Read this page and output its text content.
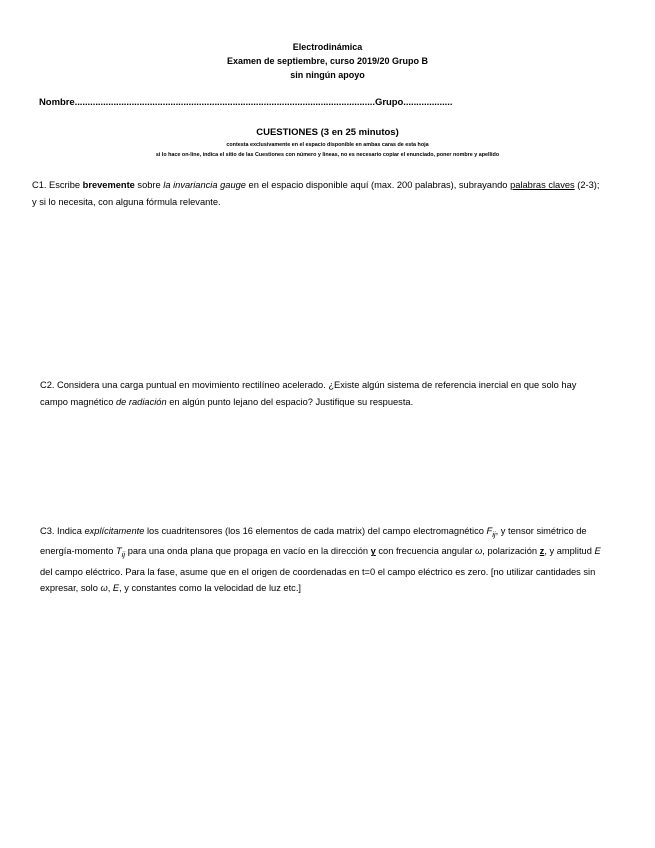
Electrodinámica
Examen de septiembre, curso 2019/20 Grupo B
sin ningún apoyo
Nombre....................................................................................................................Grupo...................
CUESTIONES (3 en 25 minutos)
contesta exclusivamente en el espacio disponible en ambas caras de esta hoja
si lo hace on-line, indica el sitio de las Cuestiones con número y lineas, no es necesario copiar el enunciado, poner nombre y apellido
C1. Escribe brevemente sobre la invariancia gauge en el espacio disponible aquí (max. 200 palabras), subrayando palabras claves (2-3); y si lo necesita, con alguna fórmula relevante.
C2. Considera una carga puntual en movimiento rectilíneo acelerado. ¿Existe algún sistema de referencia inercial en que solo hay campo magnético de radiación en algún punto lejano del espacio? Justifique su respuesta.
C3. Indica explícitamente los cuadritensores (los 16 elementos de cada matrix) del campo electromagnético $F_{ij}$, y tensor simétrico de energía-momento $T_{ij}$ para una onda plana que propaga en vacío en la dirección y con frecuencia angular ω, polarización z, y amplitud E del campo eléctrico. Para la fase, asume que en el origen de coordenadas en t=0 el campo eléctrico es zero. [no utilizar cantidades sin expresar, solo ω, E, y constantes como la velocidad de luz etc.]
